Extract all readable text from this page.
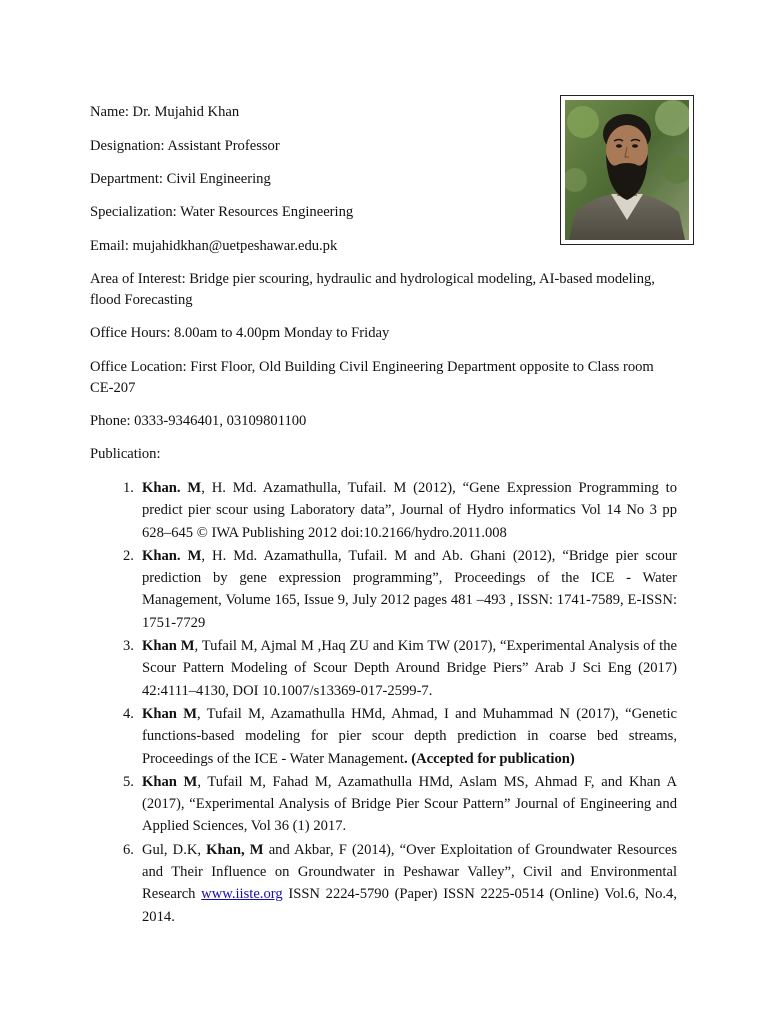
Name: Dr. Mujahid Khan

Designation: Assistant Professor

Department: Civil Engineering

Specialization: Water Resources Engineering

Email: mujahidkhan@uetpeshawar.edu.pk

Area of Interest: Bridge pier scouring, hydraulic and hydrological modeling, AI-based modeling, flood Forecasting

Office Hours: 8.00am to 4.00pm Monday to Friday

Office Location: First Floor, Old Building Civil Engineering Department opposite to Class room CE-207

Phone: 0333-9346401, 03109801100

Publication:

1. Khan. M, H. Md. Azamathulla, Tufail. M (2012), “Gene Expression Programming to predict pier scour using Laboratory data”, Journal of Hydro informatics Vol 14 No 3 pp 628–645 © IWA Publishing 2012 doi:10.2166/hydro.2011.008
2. Khan. M, H. Md. Azamathulla, Tufail. M and Ab. Ghani (2012), “Bridge pier scour prediction by gene expression programming”, Proceedings of the ICE - Water Management, Volume 165, Issue 9, July 2012 pages 481 –493 , ISSN: 1741-7589, E-ISSN: 1751-7729
3. Khan M, Tufail M, Ajmal M ,Haq ZU and Kim TW (2017), “Experimental Analysis of the Scour Pattern Modeling of Scour Depth Around Bridge Piers” Arab J Sci Eng (2017) 42:4111–4130, DOI 10.1007/s13369-017-2599-7.
4. Khan M, Tufail M, Azamathulla HMd, Ahmad, I and Muhammad N (2017), “Genetic functions-based modeling for pier scour depth prediction in coarse bed streams, Proceedings of the ICE - Water Management. (Accepted for publication)
5. Khan M, Tufail M, Fahad M, Azamathulla HMd, Aslam MS, Ahmad F, and Khan A (2017), “Experimental Analysis of Bridge Pier Scour Pattern” Journal of Engineering and Applied Sciences, Vol 36 (1) 2017.
6. Gul, D.K, Khan, M and Akbar, F (2014), “Over Exploitation of Groundwater Resources and Their Influence on Groundwater in Peshawar Valley”, Civil and Environmental Research www.iiste.org ISSN 2224-5790 (Paper) ISSN 2225-0514 (Online) Vol.6, No.4, 2014.
